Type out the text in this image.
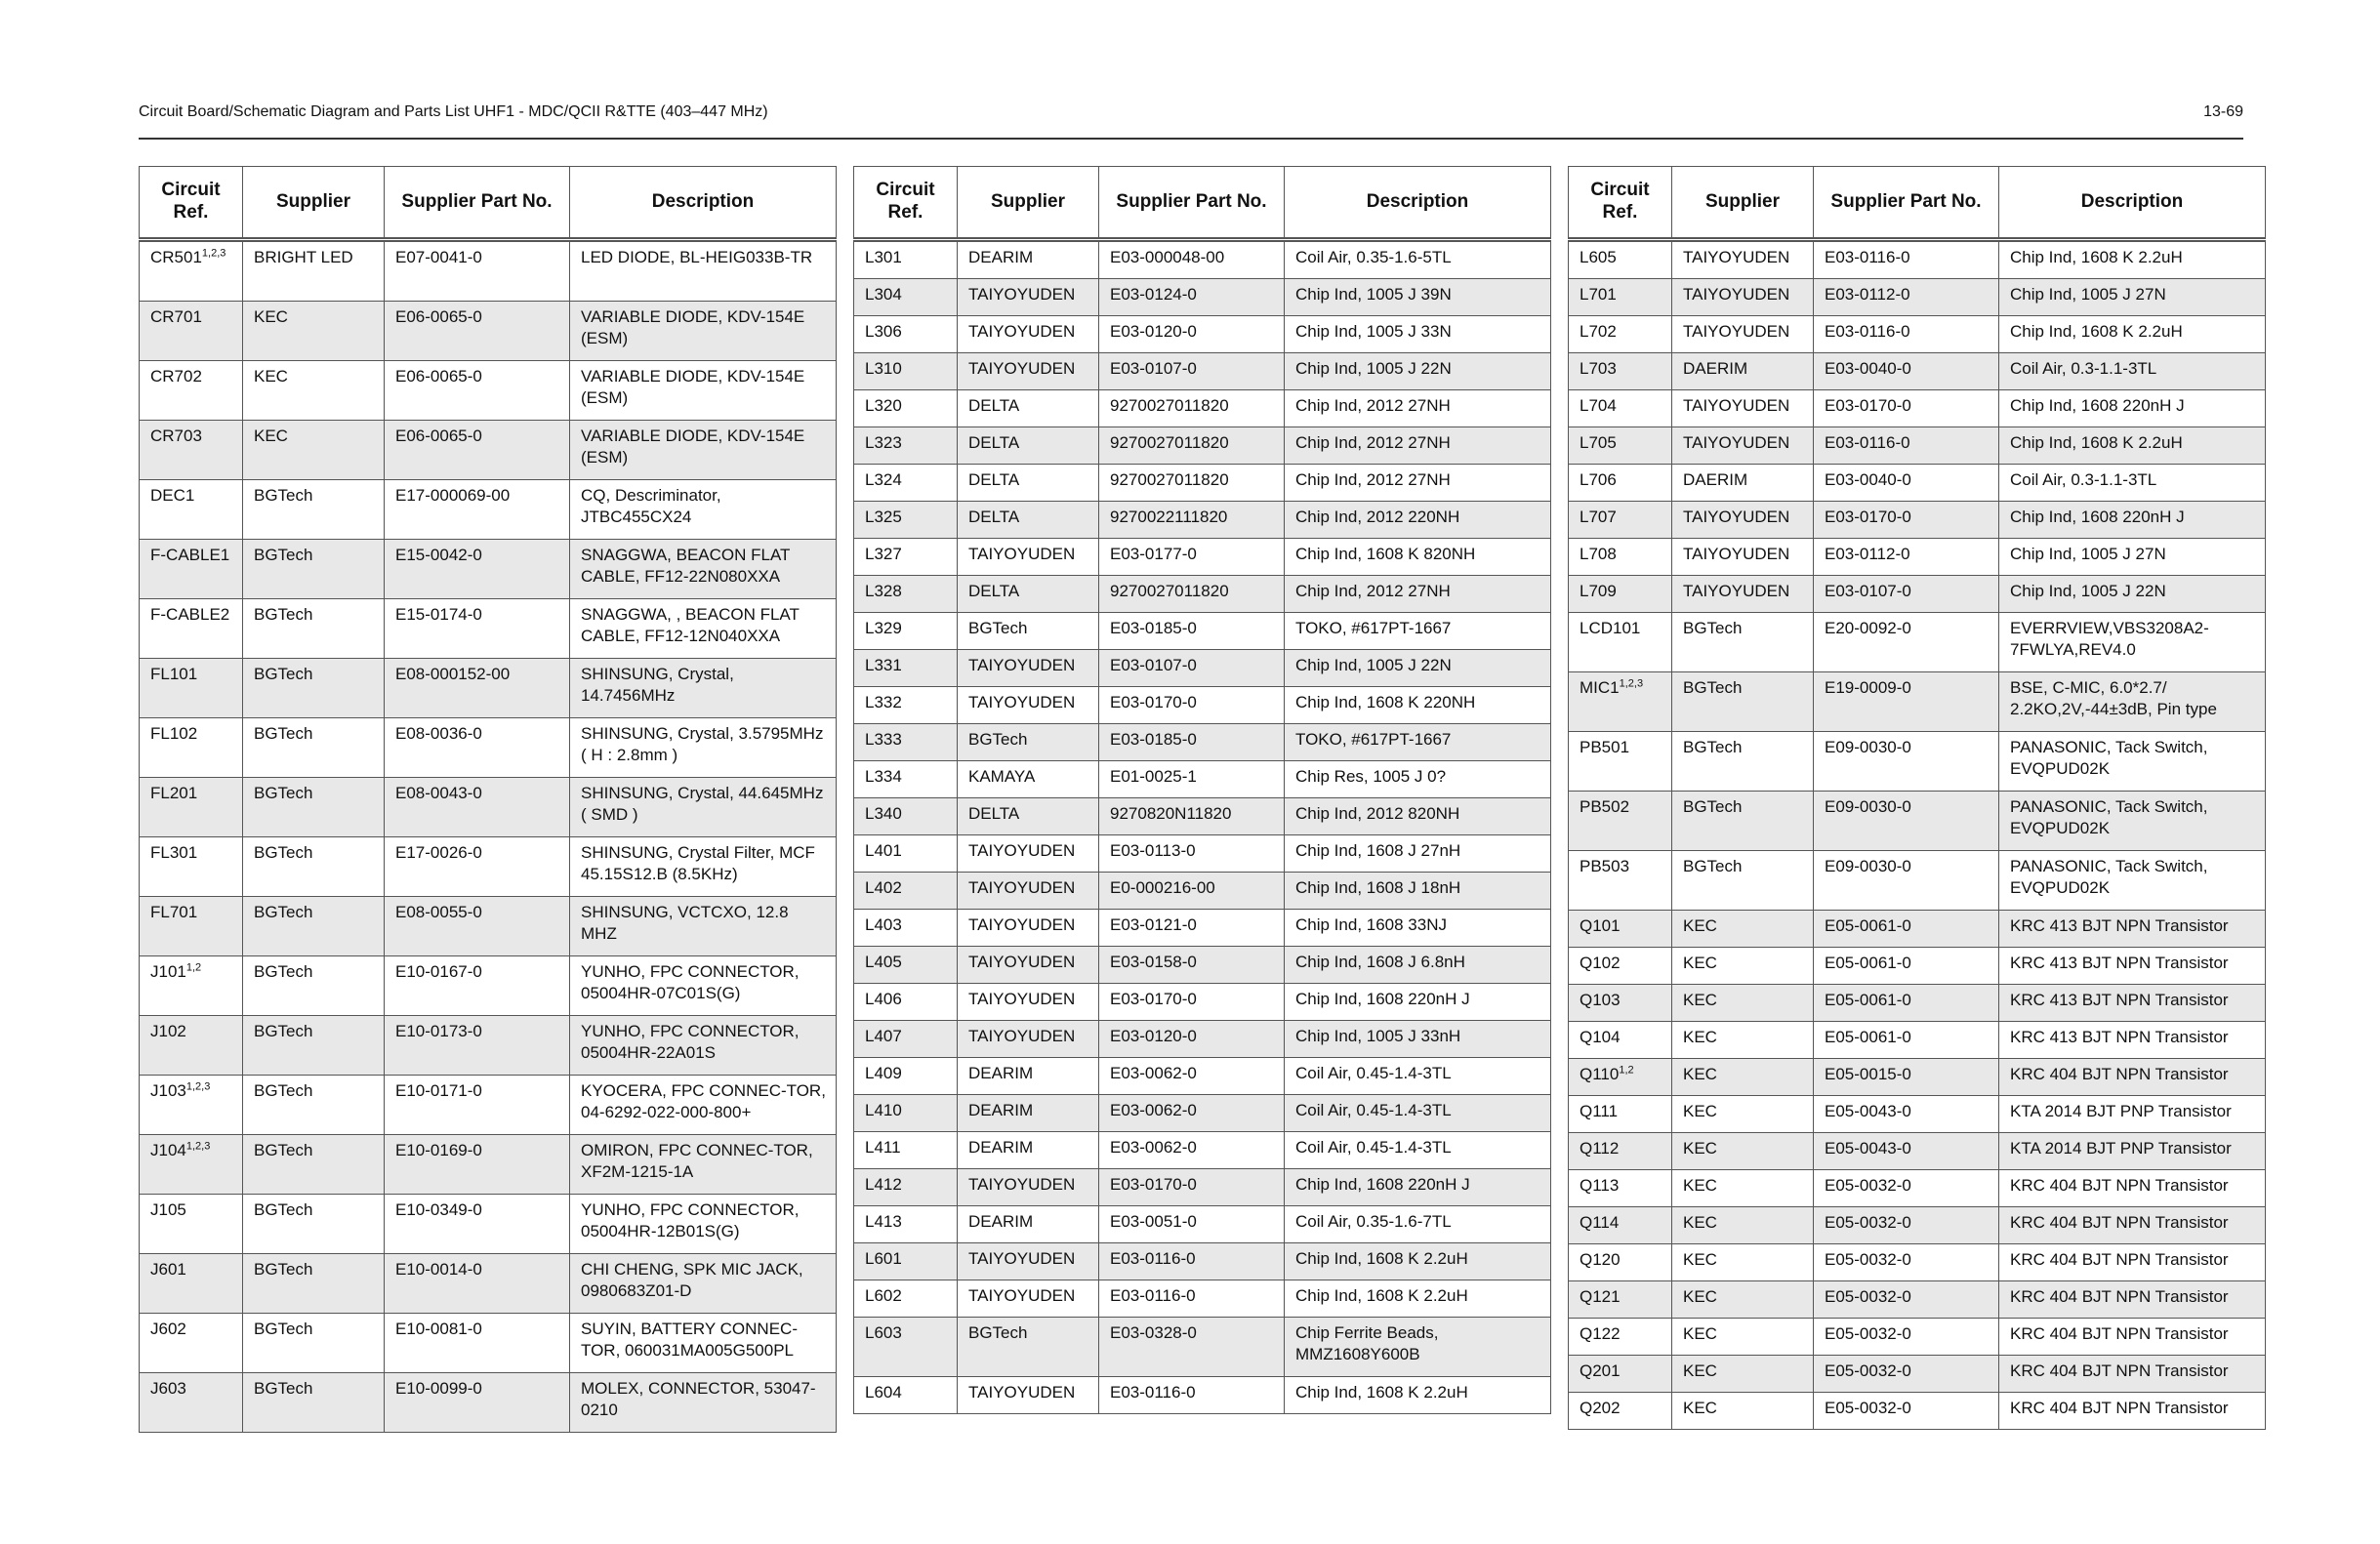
Circuit Board/Schematic Diagram and Parts List UHF1 - MDC/QCII R&TTE (403–447 MHz)	13-69
Circuit Ref.	Supplier	Supplier Part No.	Description
CR501$^{1,2,3}$	BRIGHT LED	E07-0041-0	LED DIODE, BL-HEIG033B-TR
CR701	KEC	E06-0065-0	VARIABLE DIODE, KDV-154E (ESM)
CR702	KEC	E06-0065-0	VARIABLE DIODE, KDV-154E (ESM)
CR703	KEC	E06-0065-0	VARIABLE DIODE, KDV-154E (ESM)
DEC1	BGTech	E17-000069-00	CQ, Descriminator, JTBC455CX24
F-CABLE1	BGTech	E15-0042-0	SNAGGWA, BEACON FLAT CABLE, FF12-22N080XXA
F-CABLE2	BGTech	E15-0174-0	SNAGGWA, , BEACON FLAT CABLE, FF12-12N040XXA
FL101	BGTech	E08-000152-00	SHINSUNG, Crystal, 14.7456MHz
FL102	BGTech	E08-0036-0	SHINSUNG, Crystal, 3.5795MHz ( H : 2.8mm )
FL201	BGTech	E08-0043-0	SHINSUNG, Crystal, 44.645MHz ( SMD )
FL301	BGTech	E17-0026-0	SHINSUNG, Crystal Filter, MCF 45.15S12.B (8.5KHz)
FL701	BGTech	E08-0055-0	SHINSUNG, VCTCXO, 12.8 MHZ
J101$^{1,2}$	BGTech	E10-0167-0	YUNHO, FPC CONNECTOR, 05004HR-07C01S(G)
J102	BGTech	E10-0173-0	YUNHO, FPC CONNECTOR, 05004HR-22A01S
J103$^{1,2,3}$	BGTech	E10-0171-0	KYOCERA, FPC CONNEC-TOR, 04-6292-022-000-800+
$J104^{1,2,3}$	BGTech	E10-0169-0	OMIRON, FPC CONNEC-TOR, XF2M-1215-1A
J105	BGTech	E10-0349-0	YUNHO, FPC CONNECTOR, 05004HR-12B01S(G)
J601	BGTech	E10-0014-0	CHI CHENG, SPK MIC JACK, 0980683Z01-D
J602	BGTech	E10-0081-0	SUYIN, BATTERY CONNEC-TOR, 060031MA005G500PL
J603	BGTech	E10-0099-0	MOLEX, CONNECTOR, 53047-0210
Circuit Ref.	Supplier	Supplier Part No.	Description
L301	DEARIM	E03-000048-00	Coil Air, 0.35-1.6-5TL
L304	TAIYOYUDEN	E03-0124-0	Chip Ind, 1005 J 39N
L306	TAIYOYUDEN	E03-0120-0	Chip Ind, 1005 J 33N
L310	TAIYOYUDEN	E03-0107-0	Chip Ind, 1005 J 22N
L320	DELTA	9270027011820	Chip Ind, 2012 27NH
L323	DELTA	9270027011820	Chip Ind, 2012 27NH
L324	DELTA	9270027011820	Chip Ind, 2012 27NH
L325	DELTA	9270022111820	Chip Ind, 2012 220NH
L327	TAIYOYUDEN	E03-0177-0	Chip Ind, 1608 K 820NH
L328	DELTA	9270027011820	Chip Ind, 2012 27NH
L329	BGTech	E03-0185-0	TOKO, #617PT-1667
L331	TAIYOYUDEN	E03-0107-0	Chip Ind, 1005 J 22N
L332	TAIYOYUDEN	E03-0170-0	Chip Ind, 1608 K 220NH
L333	BGTech	E03-0185-0	TOKO, #617PT-1667
L334	KAMAYA	E01-0025-1	Chip Res, 1005 J 0?
L340	DELTA	9270820N11820	Chip Ind, 2012 820NH
L401	TAIYOYUDEN	E03-0113-0	Chip Ind, 1608 J 27nH
L402	TAIYOYUDEN	E0-000216-00	Chip Ind, 1608 J 18nH
L403	TAIYOYUDEN	E03-0121-0	Chip Ind, 1608 33NJ
L405	TAIYOYUDEN	E03-0158-0	Chip Ind, 1608 J 6.8nH
L406	TAIYOYUDEN	E03-0170-0	Chip Ind, 1608 220nH J
L407	TAIYOYUDEN	E03-0120-0	Chip Ind, 1005 J 33nH
L409	DEARIM	E03-0062-0	Coil Air, 0.45-1.4-3TL
L410	DEARIM	E03-0062-0	Coil Air, 0.45-1.4-3TL
L411	DEARIM	E03-0062-0	Coil Air, 0.45-1.4-3TL
L412	TAIYOYUDEN	E03-0170-0	Chip Ind, 1608 220nH J
L413	DEARIM	E03-0051-0	Coil Air, 0.35-1.6-7TL
L601	TAIYOYUDEN	E03-0116-0	Chip Ind, 1608 K 2.2uH
L602	TAIYOYUDEN	E03-0116-0	Chip Ind, 1608 K 2.2uH
L603	BGTech	E03-0328-0	Chip Ferrite Beads, MMZ1608Y600B
L604	TAIYOYUDEN	E03-0116-0	Chip Ind, 1608 K 2.2uH
Circuit Ref.	Supplier	Supplier Part No.	Description
L605	TAIYOYUDEN	E03-0116-0	Chip Ind, 1608 K 2.2uH
L701	TAIYOYUDEN	E03-0112-0	Chip Ind, 1005 J 27N
L702	TAIYOYUDEN	E03-0116-0	Chip Ind, 1608 K 2.2uH
L703	DAERIM	E03-0040-0	Coil Air, 0.3-1.1-3TL
L704	TAIYOYUDEN	E03-0170-0	Chip Ind, 1608 220nH J
L705	TAIYOYUDEN	E03-0116-0	Chip Ind, 1608 K 2.2uH
L706	DAERIM	E03-0040-0	Coil Air, 0.3-1.1-3TL
L707	TAIYOYUDEN	E03-0170-0	Chip Ind, 1608 220nH J
L708	TAIYOYUDEN	E03-0112-0	Chip Ind, 1005 J 27N
L709	TAIYOYUDEN	E03-0107-0	Chip Ind, 1005 J 22N
LCD101	BGTech	E20-0092-0	EVERRVIEW,VBS3208A2-7FWLYA,REV4.0
MIC1$^{1,2,3}$	BGTech	E19-0009-0	BSE, C-MIC, 6.0*2.7/ 2.2KO,2V,-44±3dB, Pin type
PB501	BGTech	E09-0030-0	PANASONIC, Tack Switch, EVQPUD02K
PB502	BGTech	E09-0030-0	PANASONIC, Tack Switch, EVQPUD02K
PB503	BGTech	E09-0030-0	PANASONIC, Tack Switch, EVQPUD02K
Q101	KEC	E05-0061-0	KRC 413 BJT NPN Transistor
Q102	KEC	E05-0061-0	KRC 413 BJT NPN Transistor
Q103	KEC	E05-0061-0	KRC 413 BJT NPN Transistor
Q104	KEC	E05-0061-0	KRC 413 BJT NPN Transistor
Q110$^{1,2}$	KEC	E05-0015-0	KRC 404 BJT NPN Transistor
Q111	KEC	E05-0043-0	KTA 2014 BJT PNP Transistor
Q112	KEC	E05-0043-0	KTA 2014 BJT PNP Transistor
Q113	KEC	E05-0032-0	KRC 404 BJT NPN Transistor
Q114	KEC	E05-0032-0	KRC 404 BJT NPN Transistor
Q120	KEC	E05-0032-0	KRC 404 BJT NPN Transistor
Q121	KEC	E05-0032-0	KRC 404 BJT NPN Transistor
Q122	KEC	E05-0032-0	KRC 404 BJT NPN Transistor
Q201	KEC	E05-0032-0	KRC 404 BJT NPN Transistor
Q202	KEC	E05-0032-0	KRC 404 BJT NPN Transistor
